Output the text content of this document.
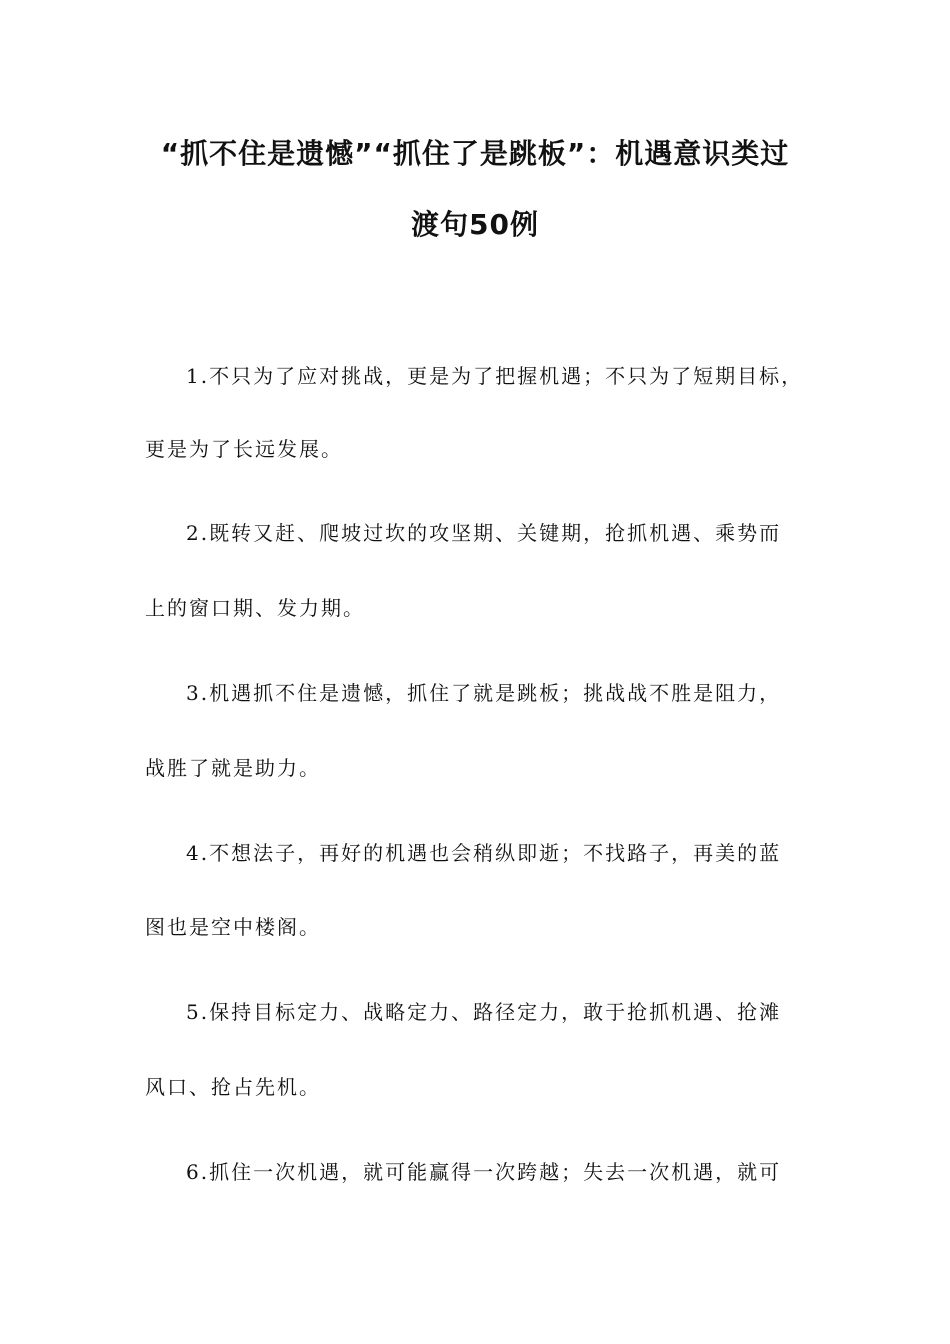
“抓不住是遗憾”“抓住了是跳板”：机遇意识类过
渡句50例
1.不只为了应对挑战，更是为了把握机遇；不只为了短期目标，
更是为了长远发展。
2.既转又赶、爬坡过坎的攻坚期、关键期，抢抓机遇、乘势而
上的窗口期、发力期。
3.机遇抓不住是遗憾，抓住了就是跳板；挑战战不胜是阻力，
战胜了就是助力。
4.不想法子，再好的机遇也会稍纵即逝；不找路子，再美的蓝
图也是空中楼阁。
5.保持目标定力、战略定力、路径定力，敢于抢抓机遇、抢滩
风口、抢占先机。
6.抓住一次机遇，就可能赢得一次跨越；失去一次机遇，就可
